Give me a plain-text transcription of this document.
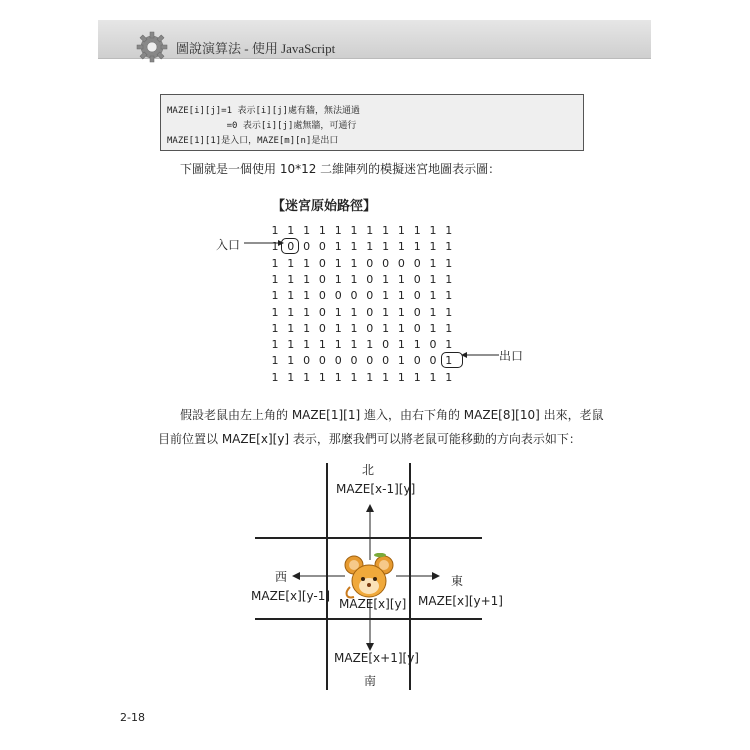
圖說演算法 - 使用 JavaScript
MAZE[i][j]=1 表示[i][j]處有牆，無法通過
=0 表示[i][j]處無牆，可通行
MAZE[1][1]是入口，MAZE[m][n]是出口
下圖就是一個使用 10*12 二維陣列的模擬迷宮地圖表示圖：
【迷宮原始路徑】
1 1 1 1 1 1 1 1 1 1 1 1
1 0 0 0 1 1 1 1 1 1 1 1
1 1 1 0 1 1 0 0 0 0 1 1
1 1 1 0 1 1 0 1 1 0 1 1
1 1 1 0 0 0 0 1 1 0 1 1
1 1 1 0 1 1 0 1 1 0 1 1
1 1 1 0 1 1 0 1 1 0 1 1
1 1 1 1 1 1 1 0 1 1 0 1
1 1 0 0 0 0 0 0 1 0 0 1
1 1 1 1 1 1 1 1 1 1 1 1
入口
出口
假設老鼠由左上角的 MAZE[1][1] 進入，由右下角的 MAZE[8][10] 出來，老鼠
目前位置以 MAZE[x][y] 表示，那麼我們可以將老鼠可能移動的方向表示如下：
北
MAZE[x-1][y]
西
MAZE[x][y-1]
MAZE[x][y]
東
MAZE[x][y+1]
MAZE[x+1][y]
南
2-18
